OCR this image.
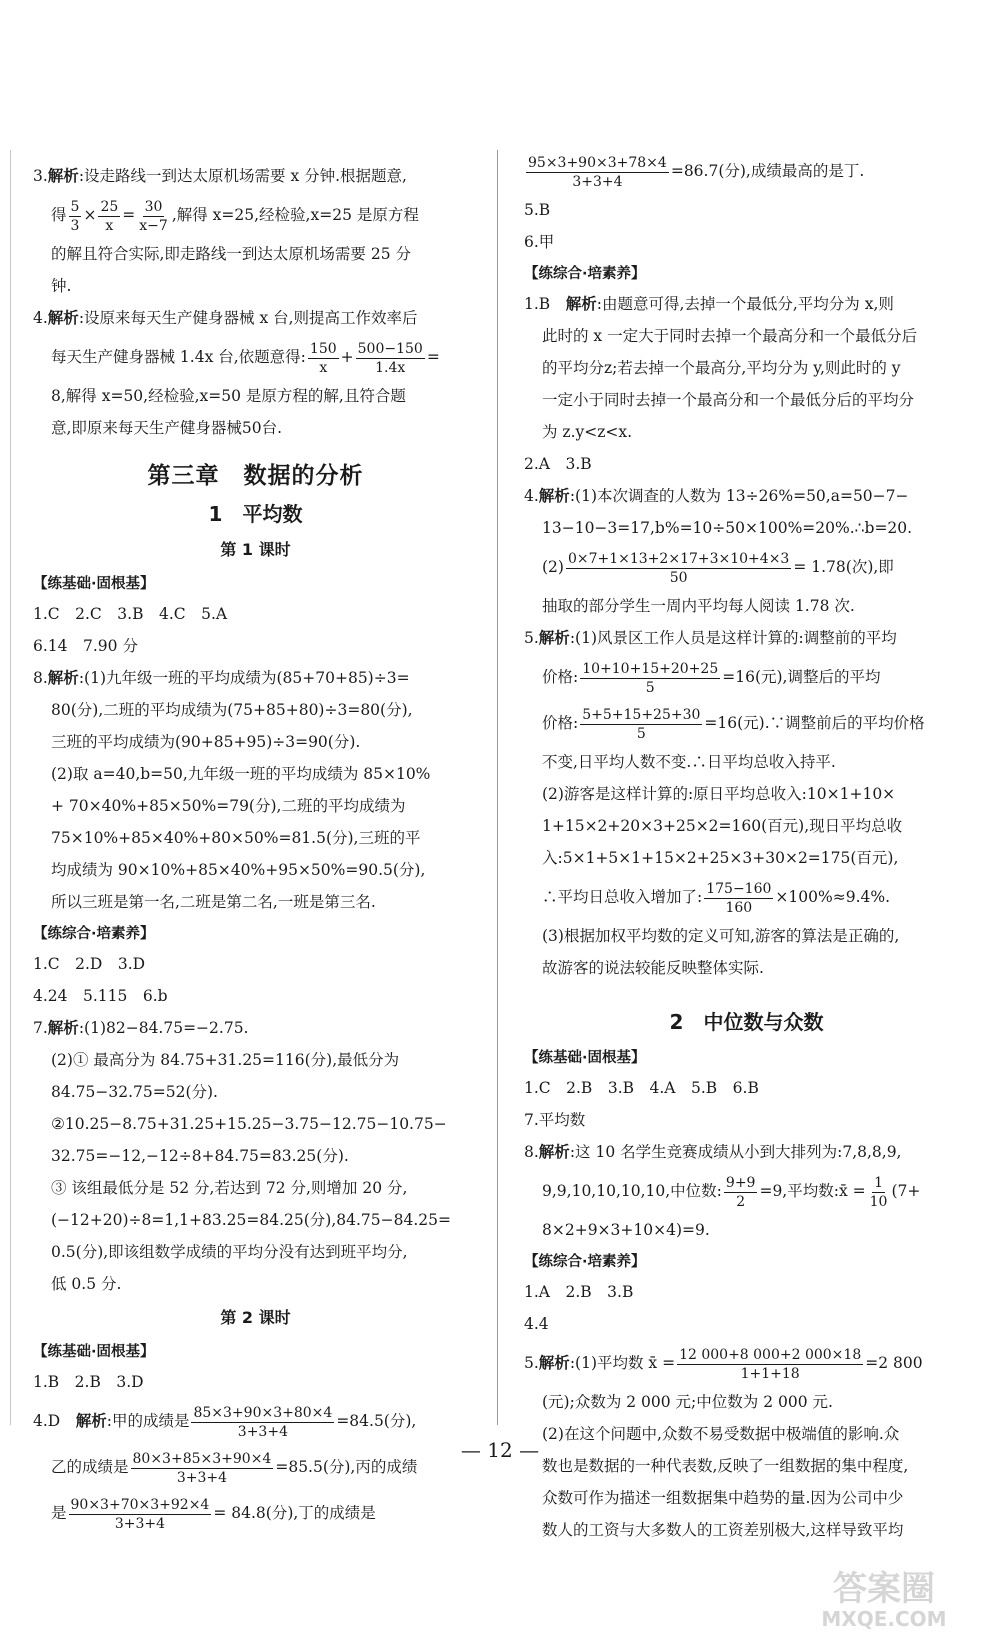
3.解析:设走路线一到达太原机场需要 x 分钟.根据题意,

得 $\frac{5}{3} \times \frac{25}{x} = \frac{30}{x-7}$ ,解得 x=25,经检验,x=25 是原方程

的解且符合实际,即走路线一到达太原机场需要 25 分

钟.

4.解析:设原来每天生产健身器械 x 台,则提高工作效率后

每天生产健身器械 1.4x 台,依题意得: $\frac{150}{x} + \frac{500-150}{1.4x}$ =

8,解得 x=50,经检验,x=50 是原方程的解,且符合题

意,即原来每天生产健身器械50台.

第三章　数据的分析

1　平均数

第 1 课时

【练基础·固根基】

1.C　2.C　3.B　4.C　5.A

6.14　7.90 分

8.解析:(1)九年级一班的平均成绩为(85+70+85)÷3=

80(分),二班的平均成绩为(75+85+80)÷3=80(分),

三班的平均成绩为(90+85+95)÷3=90(分).

(2)取 a=40,b=50,九年级一班的平均成绩为 85×10%

+ 70×40%+85×50%=79(分),二班的平均成绩为

75×10%+85×40%+80×50%=81.5(分),三班的平

均成绩为 90×10%+85×40%+95×50%=90.5(分),

所以三班是第一名,二班是第二名,一班是第三名.

【练综合·培素养】

1.C　2.D　3.D

4.24　5.115　6.b

7.解析:(1)82−84.75=−2.75.

(2)① 最高分为 84.75+31.25=116(分),最低分为

84.75−32.75=52(分).

②10.25−8.75+31.25+15.25−3.75−12.75−10.75−

32.75=−12,−12÷8+84.75=83.25(分).

③ 该组最低分是 52 分,若达到 72 分,则增加 20 分,

(−12+20)÷8=1,1+83.25=84.25(分),84.75−84.25=

0.5(分),即该组数学成绩的平均分没有达到班平均分,

低 0.5 分.

第 2 课时

【练基础·固根基】

1.B　2.B　3.D

4.D　 解析:甲的成绩是 $\frac{85\times 3+90\times 3+80\times 4}{3+3+4} =84.5$(分),

乙的成绩是 $\frac{80\times 3+85\times 3+90\times 4}{3+3+4} =85.5$(分),丙的成绩

是 $\frac{90\times 3+70\times 3+92\times 4}{3+3+4} = 84.8$(分),丁的成绩是

$\frac{95\times 3+90\times 3+78\times 4}{3+3+4} =86.7$(分),成绩最高的是丁.

5.B

6.甲

【练综合·培素养】

1.B　 解析:由题意可得,去掉一个最低分,平均分为 x,则

此时的 x 一定大于同时去掉一个最高分和一个最低分后

的平均分z;若去掉一个最高分,平均分为 y,则此时的 y

一定小于同时去掉一个最高分和一个最低分后的平均分

为 z.y<z<x.

2.A　3.B

4.解析:(1)本次调查的人数为 13÷26%=50,a=50−7−

13−10−3=17,b%=10÷50×100%=20%.∴b=20.

$(2) \frac{0\times 7+1\times 13+2\times 17+3\times 10+4\times 3}{50} = 1.78$(次),即

抽取的部分学生一周内平均每人阅读 1.78 次.

5.解析:(1)风景区工作人员是这样计算的:调整前的平均

价格: $\frac{10+10+15+20+25}{5} =16$(元),调整后的平均

价格: $\frac{5+5+15+25+30}{5} =16$(元).∵调整前后的平均价格

不变,日平均人数不变.∴日平均总收入持平.

(2)游客是这样计算的:原日平均总收入:10×1+10×

1+15×2+20×3+25×2=160(百元),现日平均总收

入:5×1+5×1+15×2+25×3+30×2=175(百元),

∴平均日总收入增加了: $\frac{175-160}{160} \times 100\%\approx 9.4\%$.

(3)根据加权平均数的定义可知,游客的算法是正确的,

故游客的说法较能反映整体实际.

2　中位数与众数

【练基础·固根基】

1.C　2.B　3.B　4.A　5.B　6.B

7.平均数

8.解析:这 10 名学生竞赛成绩从小到大排列为:7,8,8,9,

9,9,10,10,10,10,中位数: $\frac{9+9}{2} =9$,平均数:x̄ = $\frac{1}{10} (7+$

8×2+9×3+10×4)=9.

【练综合·培素养】

1.A　2.B　3.B

4.4

5.解析:(1)平均数 x̄ = $\frac{12 000+8 000+2 000\times 18}{1+1+18} =2$ 800

(元);众数为 2 000 元;中位数为 2 000 元.

(2)在这个问题中,众数不易受数据中极端值的影响.众

数也是数据的一种代表数,反映了一组数据的集中程度,

众数可作为描述一组数据集中趋势的量.因为公司中少

数人的工资与大多数人的工资差别极大,这样导致平均

— 12 —
答案圈
MXQE.COM
